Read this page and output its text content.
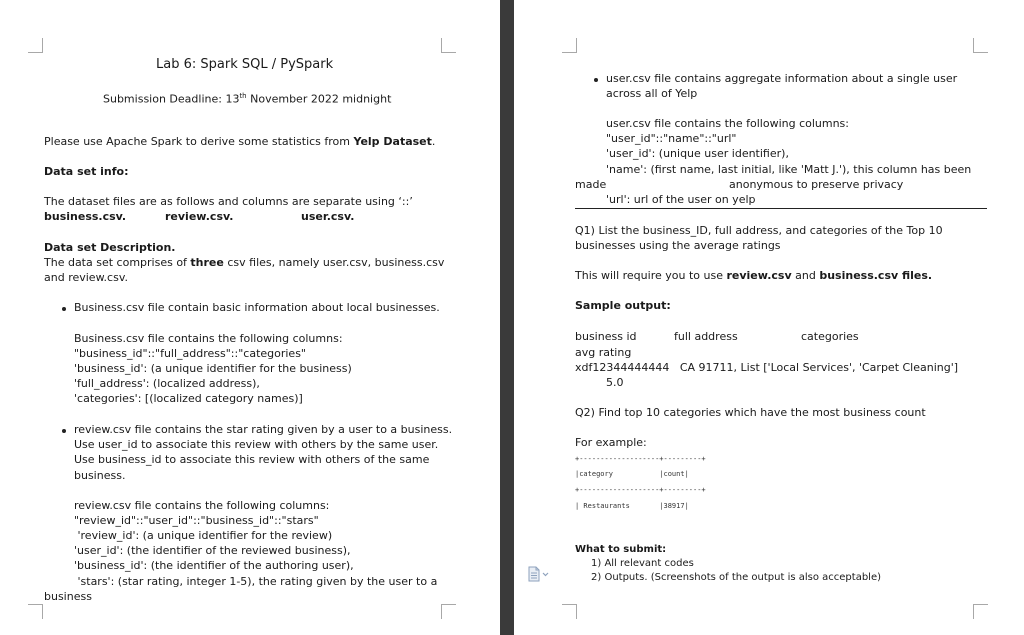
Lab 6: Spark SQL / PySpark

Submission Deadline: 13th November 2022 midnight

Please use Apache Spark to derive some statistics from Yelp Dataset.

Data set info:

The dataset files are as follows and columns are separate using ‘::’

business.csv.	review.csv.	user.csv.

Data set Description.

The data set comprises of three csv files, namely user.csv, business.csv

and review.csv.

Business.csv file contain basic information about local businesses.

Business.csv file contains the following columns:

"business_id"::"full_address"::"categories"

'business_id': (a unique identifier for the business)

'full_address': (localized address),

'categories': [(localized category names)]

review.csv file contains the star rating given by a user to a business.

Use user_id to associate this review with others by the same user.

Use business_id to associate this review with others of the same

business.

review.csv file contains the following columns:

"review_id"::"user_id"::"business_id"::"stars"

'review_id': (a unique identifier for the review)

'user_id': (the identifier of the reviewed business),

'business_id': (the identifier of the authoring user),

'stars': (star rating, integer 1-5), the rating given by the user to a

business

user.csv file contains aggregate information about a single user

across all of Yelp

user.csv file contains the following columns:

"user_id"::"name"::"url"

'user_id': (unique user identifier),

'name': (first name, last initial, like 'Matt J.'), this column has been

made	anonymous to preserve privacy

'url': url of the user on yelp

Q1) List the business_ID, full address, and categories of the Top 10

businesses using the average ratings

This will require you to use review.csv and business.csv files.

Sample output:

business id	full address	categories

avg rating

xdf12344444444   CA 91711, List ['Local Services', 'Carpet Cleaning']

5.0

Q2) Find top 10 categories which have the most business count

For example:

+-------------------+---------+

|category           |count|

+-------------------+---------+

| Restaurants       |38917|

What to submit:

1) All relevant codes

2) Outputs. (Screenshots of the output is also acceptable)
